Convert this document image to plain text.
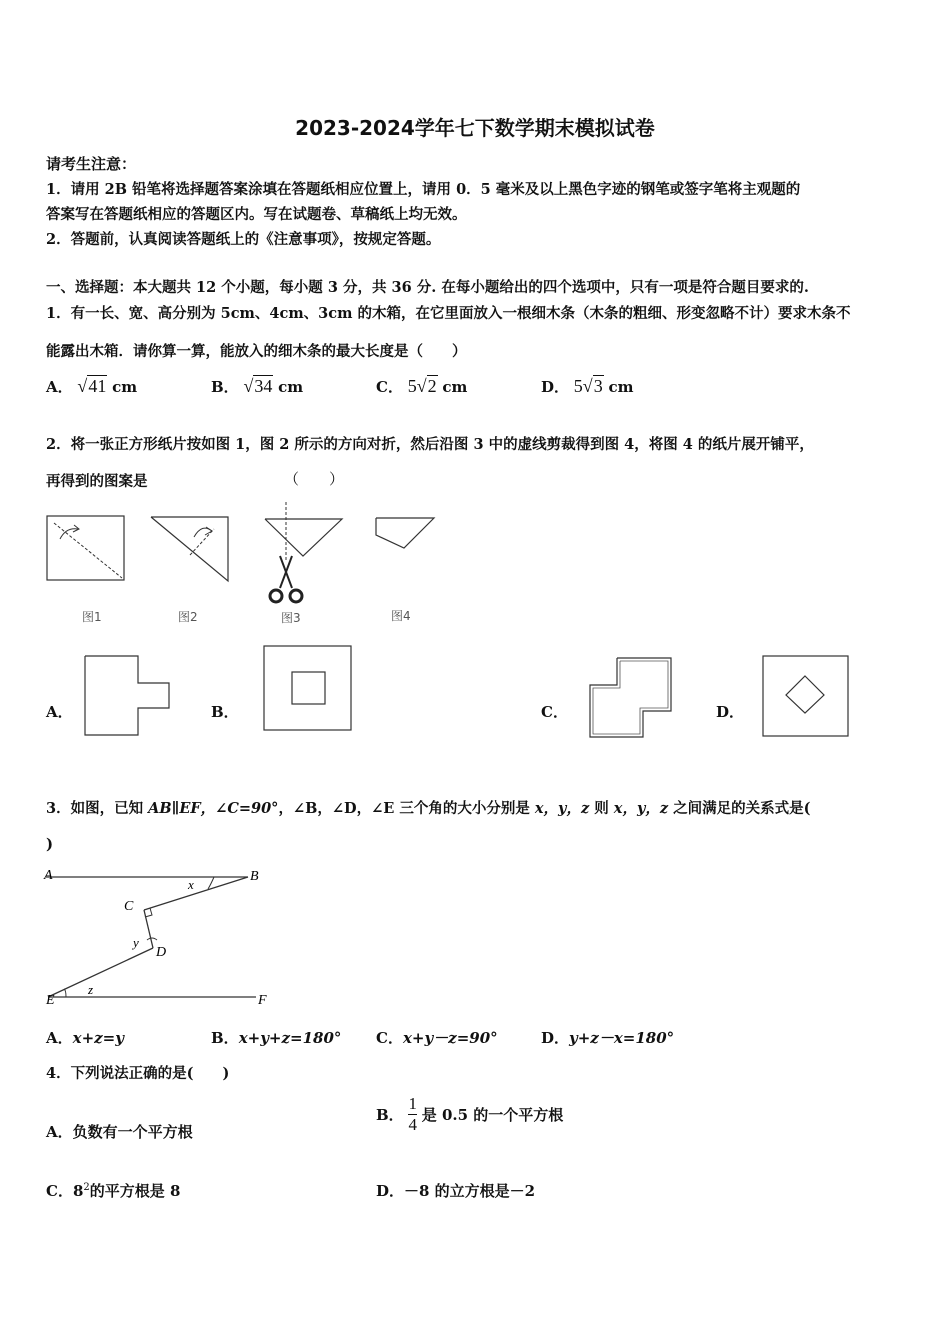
2023-2024学年七下数学期末模拟试卷
请考生注意：
1．请用 2B 铅笔将选择题答案涂填在答题纸相应位置上，请用 0．5 毫米及以上黑色字迹的钢笔或签字笔将主观题的
答案写在答题纸相应的答题区内。写在试题卷、草稿纸上均无效。
2．答题前，认真阅读答题纸上的《注意事项》，按规定答题。
一、选择题：本大题共 12 个小题，每小题 3 分，共 36 分. 在每小题给出的四个选项中，只有一项是符合题目要求的.
1．有一长、宽、高分别为 5cm、4cm、3cm 的木箱，在它里面放入一根细木条（木条的粗细、形变忽略不计）要求木条不
能露出木箱．请你算一算，能放入的细木条的最大长度是（　　）
A． √41 cm	B． √34 cm	C． 5√2 cm	D． 5√3 cm
2．将一张正方形纸片按如图 1，图 2 所示的方向对折，然后沿图 3 中的虚线剪裁得到图 4，将图 4 的纸片展开铺平，
再得到的图案是	（　　）
图1	图2	图3	图4
A．	B．	C．	D．
3．如图，已知 AB∥EF，∠C=90°，∠B，∠D，∠E 三个角的大小分别是 x，y，z 则 x，y，z 之间满足的关系式是(
)
A	B
C
D
E	F
x
y
z
A．x+z=y	B．x+y+z=180° C．x+y－z=90°	D．y+z－x=180°
4．下列说法正确的是(　　)
A．负数有一个平方根
B． $\frac{1}{4}$ 是 0.5 的一个平方根
C．$8^2$的平方根是 8	D．－8 的立方根是－2
